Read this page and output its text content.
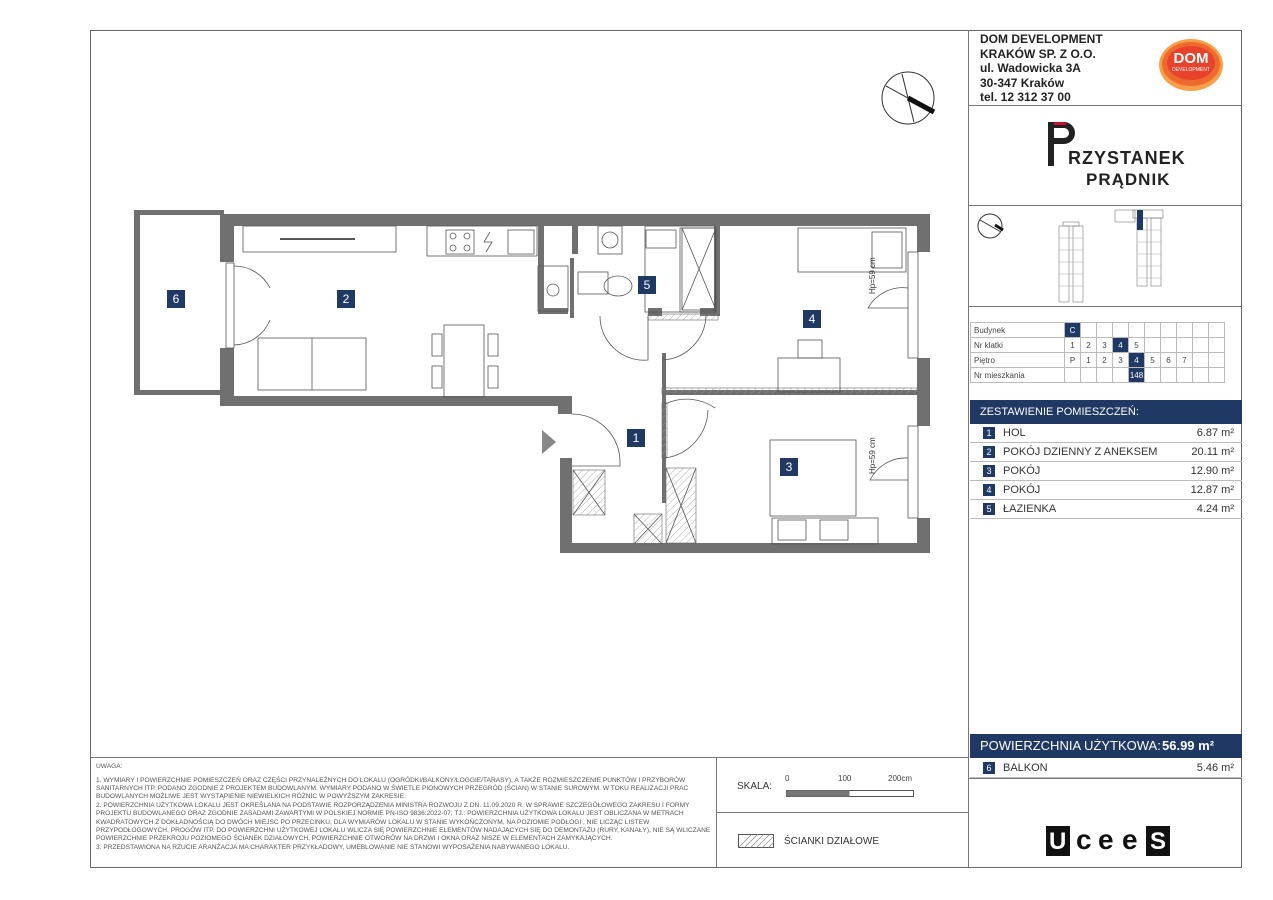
DOM DEVELOPMENT
KRAKÓW SP. Z O.O.
ul. Wadowicka 3A
30-347 Kraków
tel. 12 312 37 00
DOM
DEVELOPMENT
RZYSTANEK
PRĄDNIK
Budynek	C									
Nr klatki	1	2	3	4	5					
Piętro	P	1	2	3	4	5	6	7		
Nr mieszkania					148					
ZESTAWIENIE POMIESZCZEŃ:
1	HOL	6.87 m²
2	POKÓJ DZIENNY Z ANEKSEM	20.11 m²
3	POKÓJ	12.90 m²
4	POKÓJ	12.87 m²
5	ŁAZIENKA	4.24 m²
POWIERZCHNIA UŻYTKOWA: 56.99 m²
6	BALKON	5.46 m²

UWAGA:

1. WYMIARY I POWIERZCHNIE POMIESZCZEŃ ORAZ CZĘŚCI PRZYNALEŻNYCH DO LOKALU (OGRÓDKI/BALKONY/LOGGIE/TARASY), A TAKŻE ROZMIESZCZENIE PUNKTÓW I PRZYBORÓW SANITARNYCH ITP. PODANO ZGODNIE Z PROJEKTEM BUDOWLANYM. WYMIARY PODANO W ŚWIETLE PIONOWYCH PRZEGRÓD (ŚCIAN) W STANIE SUROWYM. W TOKU REALIZACJI PRAC BUDOWLANYCH MOŻLIWE JEST WYSTĄPIENIE NIEWIELKICH RÓŻNIC W POWYŻSZYM ZAKRESIE.

2. POWIERZCHNIA UŻYTKOWA LOKALU JEST OKREŚLANA NA PODSTAWIE ROZPORZĄDZENIA MINISTRA ROZWOJU Z DN. 11.09.2020 R. W SPRAWIE SZCZEGÓŁOWEGO ZAKRESU I FORMY PROJEKTU BUDOWLANEGO ORAZ ZGODNIE ZASADAMI ZAWARTYMI W POLSKIEJ NORMIE PN-ISO 9836:2022-07, TJ.: POWIERZCHNIA UŻYTKOWA LOKALU JEST OBLICZANA W METRACH KWADRATOWYCH Z DOKŁADNOŚCIĄ DO DWÓCH MIEJSC PO PRZECINKU, DLA WYMIARÓW LOKALU W STANIE WYKOŃCZONYM, NA POZIOMIE PODŁOGI , NIE LICZĄC LISTEW PRZYPODŁOGOWYCH, PROGÓW ITP. DO POWIERZCHNI UŻYTKOWEJ LOKALU WLICZA SIĘ POWIERZCHNIE ELEMENTÓW NADAJĄCYCH SIĘ DO DEMONTAŻU (RURY, KANAŁY), NIE SĄ WLICZANE POWIERZCHNIE PRZEKROJU POZIOMEGO ŚCIANEK DZIAŁOWYCH, POWIERZCHNIE OTWORÓW NA DRZWI I OKNA ORAZ NISZE W ELEMENTACH ZAMYKAJĄCYCH.

3. PRZEDSTAWIONA NA RZUCIE ARANŻACJA MA CHARAKTER PRZYKŁADOWY, UMEBLOWANIE NIE STANOWI WYPOSAŻENIA NABYWANEGO LOKALU.

SKALA:
0	100	200cm
ŚCIANKI DZIAŁOWE	U c e e S
Hp=59 cm
Hp=59 cm
1
2
3
4
5
6
